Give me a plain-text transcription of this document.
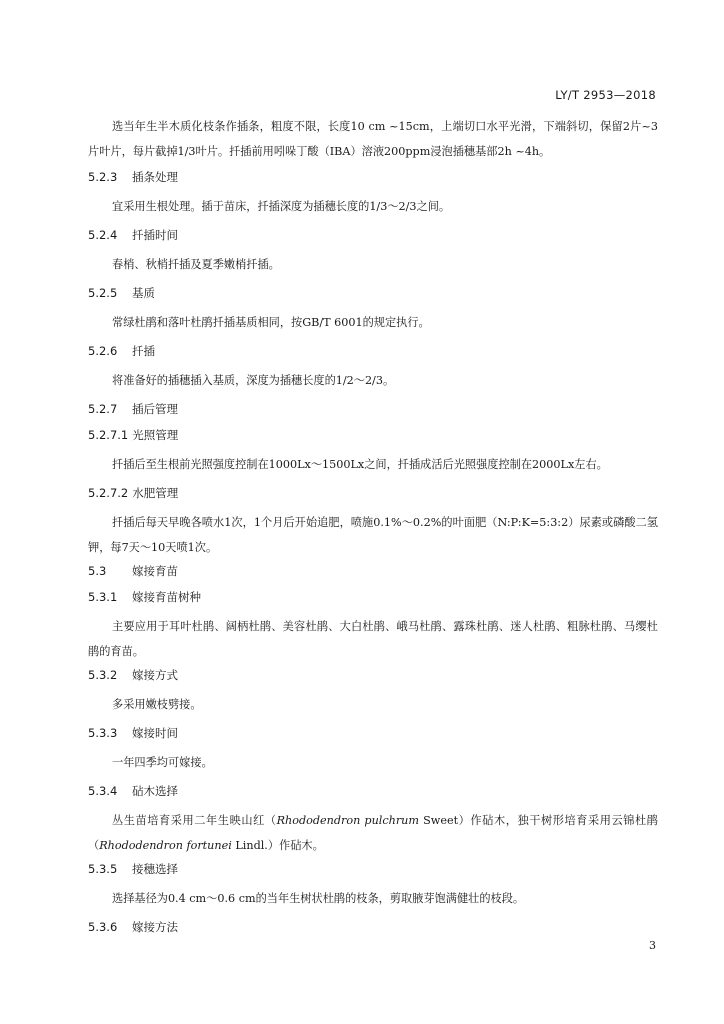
LY/T 2953—2018

选当年生半木质化枝条作插条，粗度不限，长度10 cm ~15cm，上端切口水平光滑，下端斜切，保留2片~3片叶片，每片截掉1/3叶片。扦插前用吲哚丁酸（IBA）溶液200ppm浸泡插穗基部2h ~4h。

5.2.3 插条处理

宜采用生根处理。插于苗床，扦插深度为插穗长度的1/3～2/3之间。

5.2.4 扦插时间

春梢、秋梢扦插及夏季嫩梢扦插。

5.2.5 基质

常绿杜鹃和落叶杜鹃扦插基质相同，按GB/T 6001的规定执行。

5.2.6 扦插

将准备好的插穗插入基质，深度为插穗长度的1/2～2/3。

5.2.7 插后管理
5.2.7.1 光照管理

扦插后至生根前光照强度控制在1000Lx～1500Lx之间，扦插成活后光照强度控制在2000Lx左右。

5.2.7.2 水肥管理

扦插后每天早晚各喷水1次，1个月后开始追肥，喷施0.1%～0.2%的叶面肥（N:P:K=5:3:2）尿素或磷酸二氢钾，每7天～10天喷1次。

5.3 嫁接育苗
5.3.1 嫁接育苗树种

主要应用于耳叶杜鹃、阔柄杜鹃、美容杜鹃、大白杜鹃、峨马杜鹃、露珠杜鹃、迷人杜鹃、粗脉杜鹃、马缨杜鹃的育苗。

5.3.2 嫁接方式

多采用嫩枝劈接。

5.3.3 嫁接时间

一年四季均可嫁接。

5.3.4 砧木选择

丛生苗培育采用二年生映山红（Rhododendron pulchrum Sweet）作砧木，独干树形培育采用云锦杜鹃（Rhododendron fortunei Lindl.）作砧木。

5.3.5 接穗选择

选择基径为0.4 cm～0.6 cm的当年生树状杜鹃的枝条，剪取腋芽饱满健壮的枝段。

5.3.6 嫁接方法
3
